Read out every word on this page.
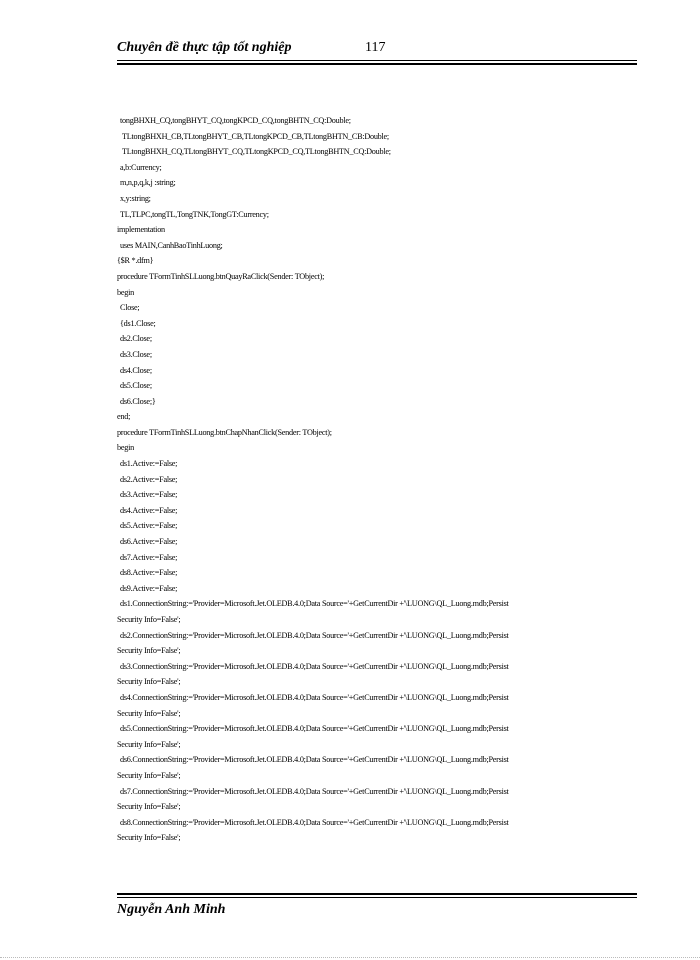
Chuyên đề thực tập tốt nghiệp	117
tongBHXH_CQ,tongBHYT_CQ,tongKPCD_CQ,tongBHTN_CQ:Double;
TLtongBHXH_CB,TLtongBHYT_CB,TLtongKPCD_CB,TLtongBHTN_CB:Double;
TLtongBHXH_CQ,TLtongBHYT_CQ,TLtongKPCD_CQ,TLtongBHTN_CQ:Double;
a,b:Currency;
m,n,p,q,k,j :string;
x,y:string;
TL,TLPC,tongTL,TongTNK,TongGT:Currency;
implementation
uses MAIN,CanhBaoTinhLuong;
{$R *.dfm}
procedure TFormTinhSLLuong.btnQuayRaClick(Sender: TObject);
begin
Close;
{ds1.Close;
ds2.Close;
ds3.Close;
ds4.Close;
ds5.Close;
ds6.Close;}
end;
procedure TFormTinhSLLuong.btnChapNhanClick(Sender: TObject);
begin
ds1.Active:=False;
ds2.Active:=False;
ds3.Active:=False;
ds4.Active:=False;
ds5.Active:=False;
ds6.Active:=False;
ds7.Active:=False;
ds8.Active:=False;
ds9.Active:=False;
ds1.ConnectionString:='Provider=Microsoft.Jet.OLEDB.4.0;Data Source='+GetCurrentDir +'\LUONG\QL_Luong.mdb;Persist
Security Info=False';
ds2.ConnectionString:='Provider=Microsoft.Jet.OLEDB.4.0;Data Source='+GetCurrentDir +'\LUONG\QL_Luong.mdb;Persist
Security Info=False';
ds3.ConnectionString:='Provider=Microsoft.Jet.OLEDB.4.0;Data Source='+GetCurrentDir +'\LUONG\QL_Luong.mdb;Persist
Security Info=False';
ds4.ConnectionString:='Provider=Microsoft.Jet.OLEDB.4.0;Data Source='+GetCurrentDir +'\LUONG\QL_Luong.mdb;Persist
Security Info=False';
ds5.ConnectionString:='Provider=Microsoft.Jet.OLEDB.4.0;Data Source='+GetCurrentDir +'\LUONG\QL_Luong.mdb;Persist
Security Info=False';
ds6.ConnectionString:='Provider=Microsoft.Jet.OLEDB.4.0;Data Source='+GetCurrentDir +'\LUONG\QL_Luong.mdb;Persist
Security Info=False';
ds7.ConnectionString:='Provider=Microsoft.Jet.OLEDB.4.0;Data Source='+GetCurrentDir +'\LUONG\QL_Luong.mdb;Persist
Security Info=False';
ds8.ConnectionString:='Provider=Microsoft.Jet.OLEDB.4.0;Data Source='+GetCurrentDir +'\LUONG\QL_Luong.mdb;Persist
Security Info=False';
Nguyễn Anh Minh
